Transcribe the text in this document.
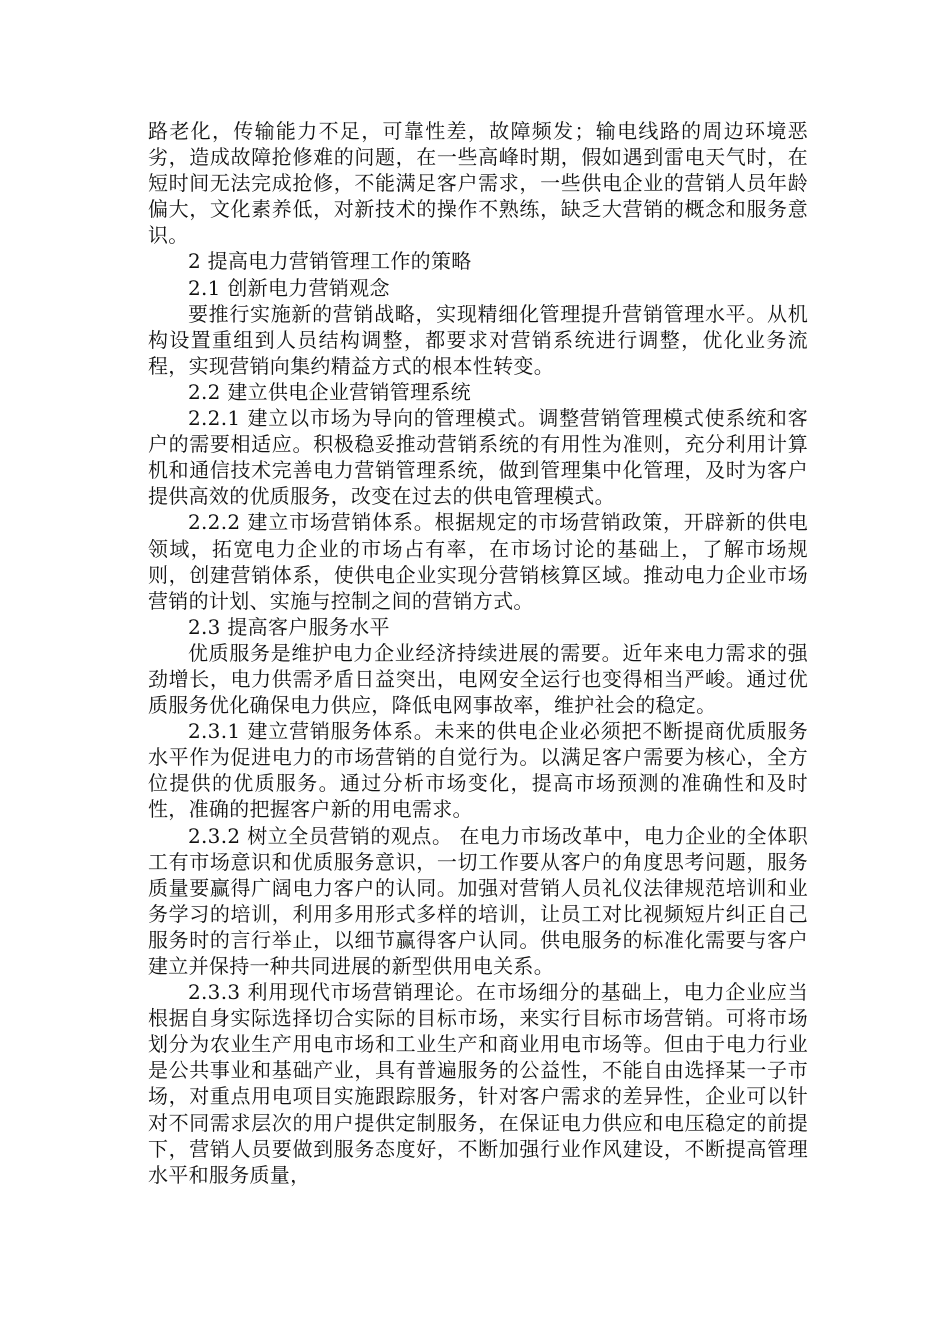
路老化，传输能力不足，可靠性差，故障频发；输电线路的周边环境恶劣，造成故障抢修难的问题，在一些高峰时期，假如遇到雷电天气时，在短时间无法完成抢修，不能满足客户需求，一些供电企业的营销人员年龄偏大，文化素养低，对新技术的操作不熟练，缺乏大营销的概念和服务意识。

2 提高电力营销管理工作的策略

2.1 创新电力营销观念

要推行实施新的营销战略，实现精细化管理提升营销管理水平。从机构设置重组到人员结构调整，都要求对营销系统进行调整，优化业务流程，实现营销向集约精益方式的根本性转变。

2.2 建立供电企业营销管理系统

2.2.1 建立以市场为导向的管理模式。调整营销管理模式使系统和客户的需要相适应。积极稳妥推动营销系统的有用性为准则，充分利用计算机和通信技术完善电力营销管理系统，做到管理集中化管理，及时为客户提供高效的优质服务，改变在过去的供电管理模式。

2.2.2 建立市场营销体系。根据规定的市场营销政策，开辟新的供电领域，拓宽电力企业的市场占有率，在市场讨论的基础上，了解市场规则，创建营销体系，使供电企业实现分营销核算区域。推动电力企业市场营销的计划、实施与控制之间的营销方式。

2.3 提高客户服务水平

优质服务是维护电力企业经济持续进展的需要。近年来电力需求的强劲增长，电力供需矛盾日益突出，电网安全运行也变得相当严峻。通过优质服务优化确保电力供应，降低电网事故率，维护社会的稳定。

2.3.1 建立营销服务体系。未来的供电企业必须把不断提商优质服务水平作为促进电力的市场营销的自觉行为。以满足客户需要为核心，全方位提供的优质服务。通过分析市场变化，提高市场预测的准确性和及时性，准确的把握客户新的用电需求。

2.3.2 树立全员营销的观点。 在电力市场改革中，电力企业的全体职工有市场意识和优质服务意识，一切工作要从客户的角度思考问题，服务质量要赢得广阔电力客户的认同。加强对营销人员礼仪法律规范培训和业务学习的培训，利用多用形式多样的培训，让员工对比视频短片纠正自己服务时的言行举止，以细节赢得客户认同。供电服务的标准化需要与客户建立并保持一种共同进展的新型供用电关系。

2.3.3 利用现代市场营销理论。在市场细分的基础上，电力企业应当根据自身实际选择切合实际的目标市场，来实行目标市场营销。可将市场划分为农业生产用电市场和工业生产和商业用电市场等。但由于电力行业是公共事业和基础产业，具有普遍服务的公益性，不能自由选择某一子市场，对重点用电项目实施跟踪服务，针对客户需求的差异性，企业可以针对不同需求层次的用户提供定制服务，在保证电力供应和电压稳定的前提下，营销人员要做到服务态度好，不断加强行业作风建设，不断提高管理水平和服务质量，
